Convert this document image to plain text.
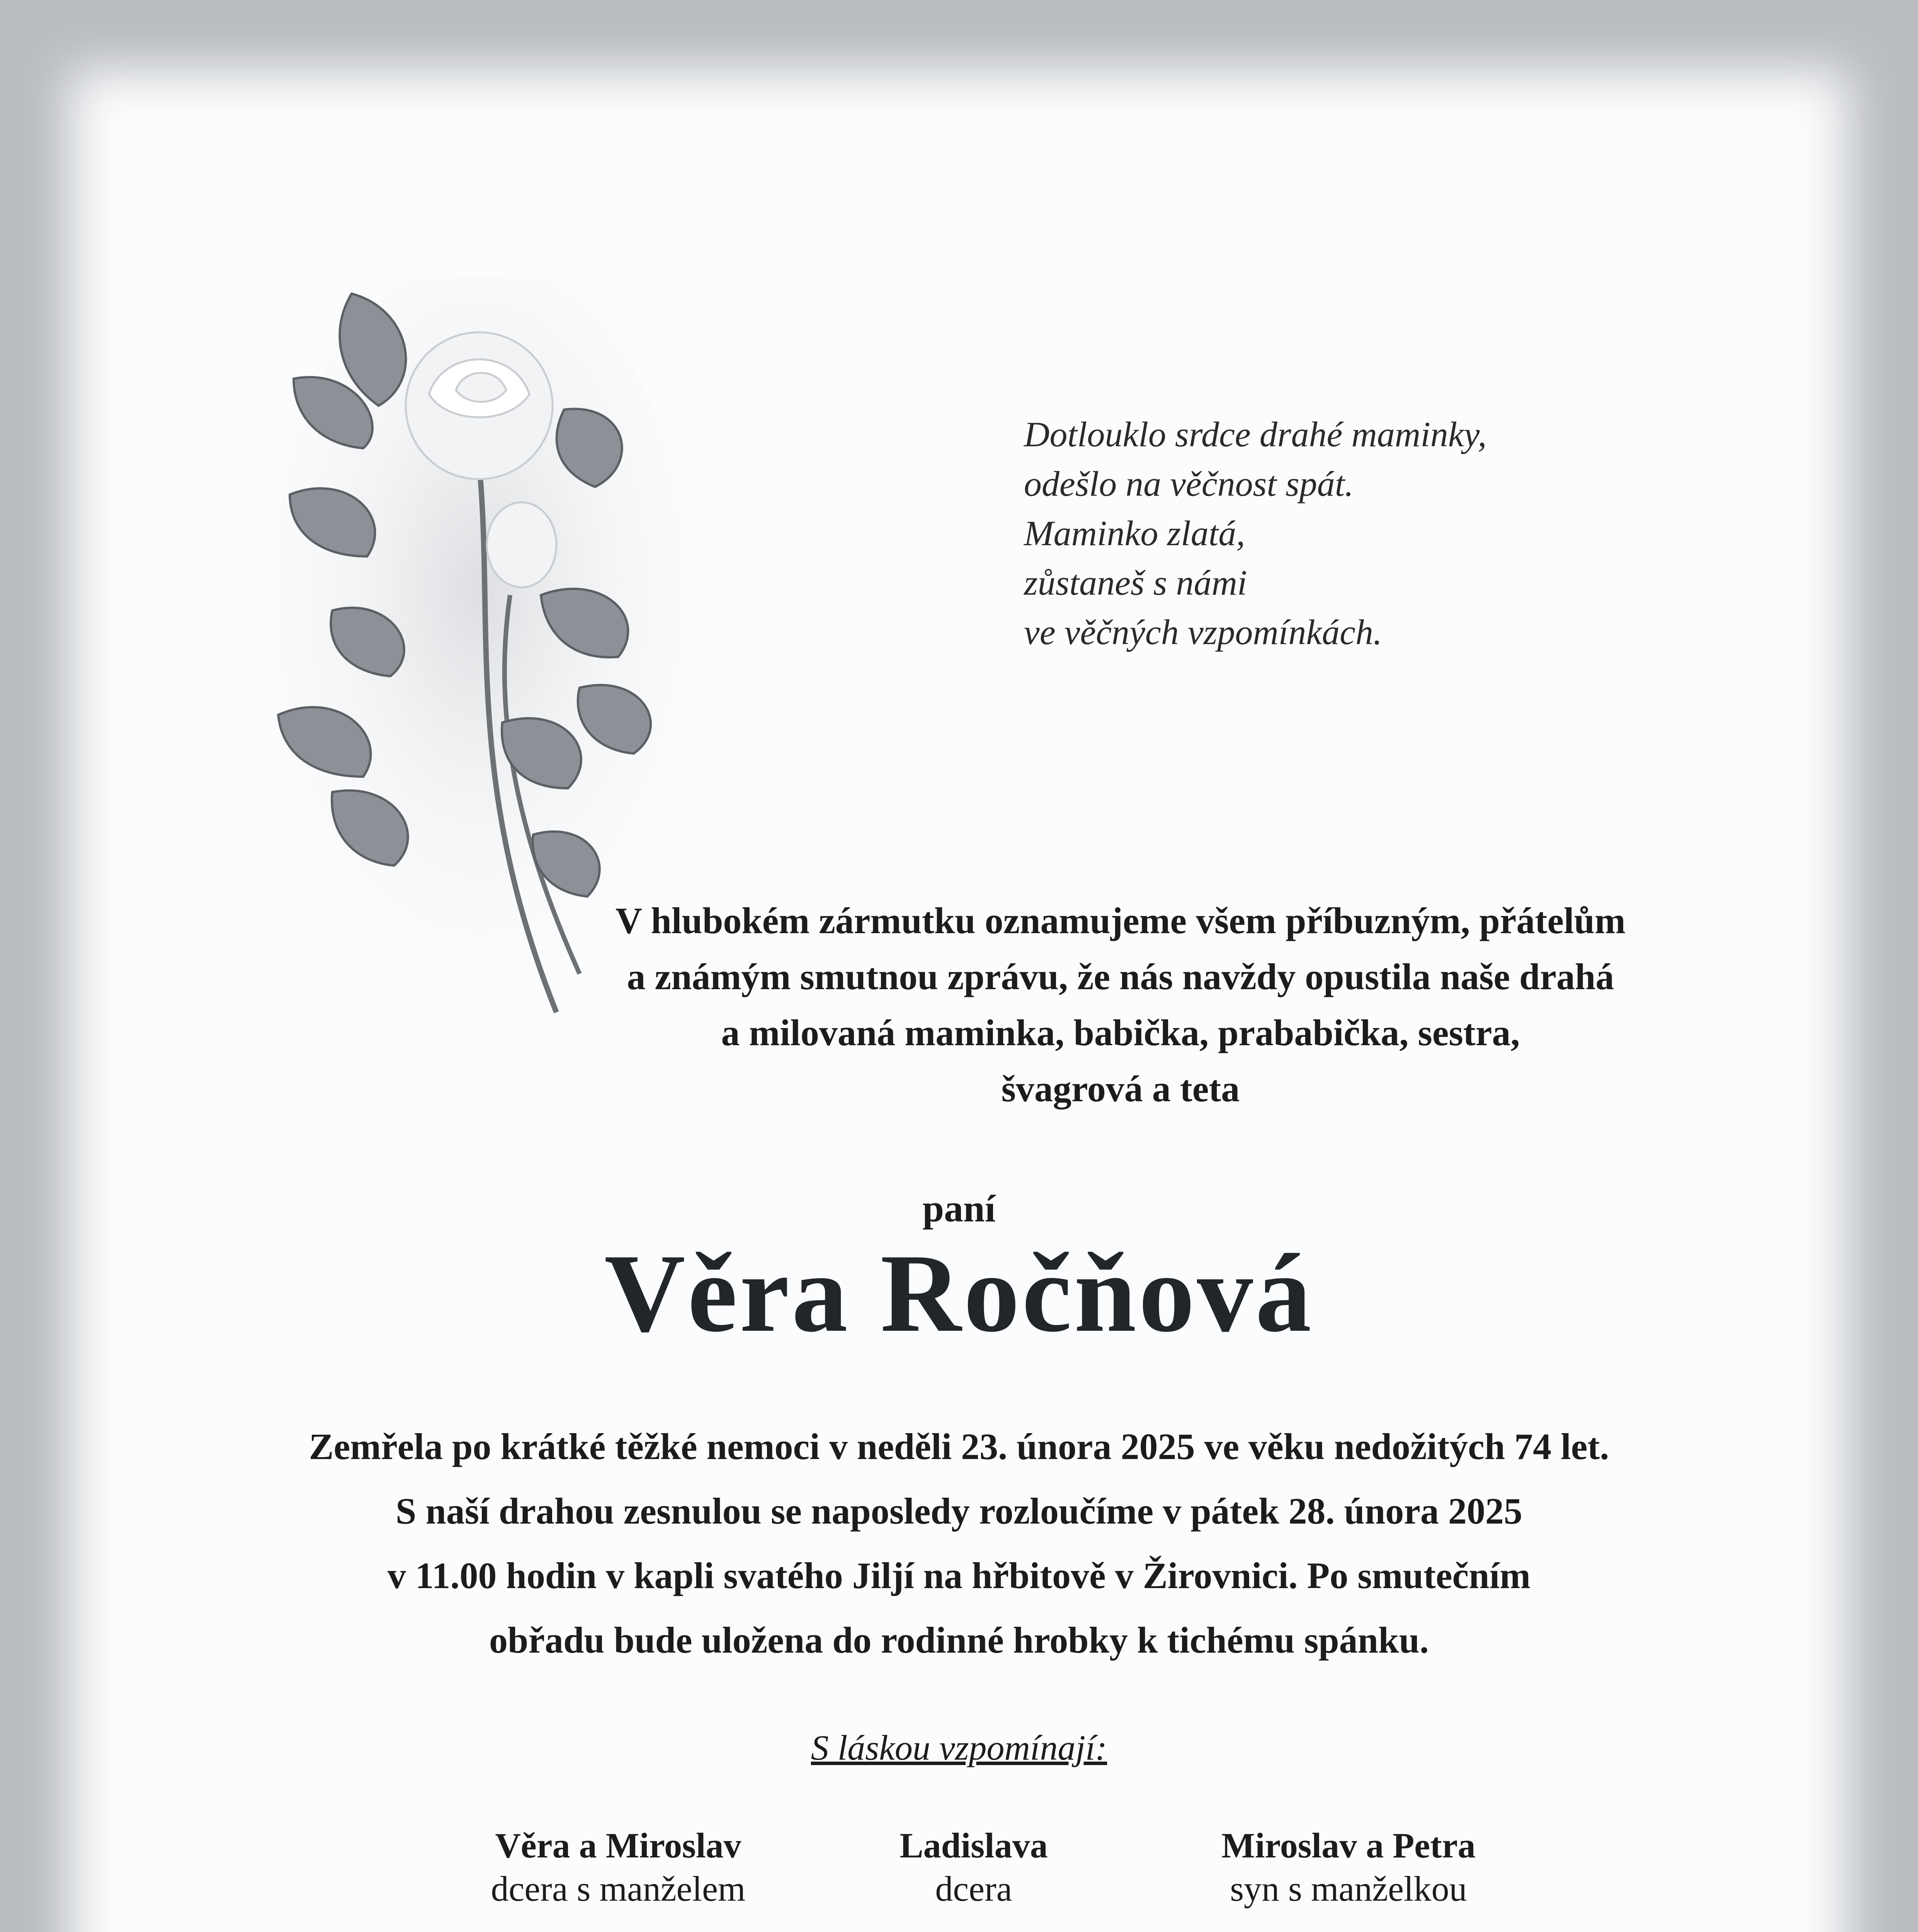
Dotlouklo srdce drahé maminky,
odešlo na věčnost spát.
Maminko zlatá,
zůstaneš s námi
ve věčných vzpomínkách.
V hlubokém zármutku oznamujeme všem příbuzným, přátelům
a známým smutnou zprávu, že nás navždy opustila naše drahá
a milovaná maminka, babička, prababička, sestra,
švagrová a teta
paní
Věra Ročňová
Zemřela po krátké těžké nemoci v neděli 23. února 2025 ve věku nedožitých 74 let.
S naší drahou zesnulou se naposledy rozloučíme v pátek 28. února 2025
v 11.00 hodin v kapli svatého Jiljí na hřbitově v Žirovnici. Po smutečním
obřadu bude uložena do rodinné hrobky k tichému spánku.
S láskou vzpomínají:
Věra a Miroslav
dcera s manželem
Ladislava
dcera
Miroslav a Petra
syn s manželkou
